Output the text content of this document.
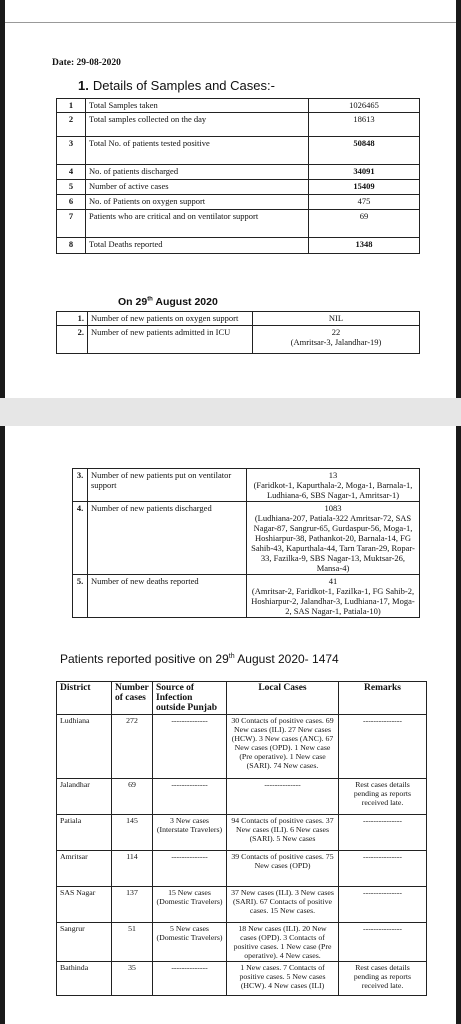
Date: 29-08-2020
1. Details of Samples and Cases:-
1	Total Samples taken	1026465
2	Total samples collected on the day	18613
3	Total No. of patients tested positive	50848
4	No. of patients discharged	34091
5	Number of active cases	15409
6	No. of Patients on oxygen support	475
7	Patients who are critical and on ventilator support	69
8	Total Deaths reported	1348
On 29th August 2020
1.	Number of new patients on oxygen support	NIL
2.	Number of new patients admitted in ICU	22
(Amritsar-3, Jalandhar-19)
3.	Number of new patients put on ventilator support	13
(Faridkot-1, Kapurthala-2, Moga-1, Barnala-1, Ludhiana-6, SBS Nagar-1, Amritsar-1)

4.	Number of new patients discharged	1083
(Ludhiana-207, Patiala-322 Amritsar-72, SAS Nagar-87, Sangrur-65, Gurdaspur-56, Moga-1, Hoshiarpur-38, Pathankot-20, Barnala-14, FG Sahib-43, Kapurthala-44, Tarn Taran-29, Ropar-33, Fazilka-9, SBS Nagar-13, Muktsar-26, Mansa-4)

5.	Number of new deaths reported	41
(Amritsar-2, Faridkot-1, Fazilka-1, FG Sahib-2, Hoshiarpur-2, Jalandhar-3, Ludhiana-17, Moga-2, SAS Nagar-1, Patiala-10)
Patients reported positive on 29th August 2020- 1474
District	Number of cases	Source of Infection outside Punjab	Local Cases	Remarks
Ludhiana	272	--------------	30 Contacts of positive cases. 69 New cases (ILI). 27 New cases (HCW). 3 New cases (ANC). 67 New cases (OPD). 1 New case (Pre operative). 1 New case (SARI). 74 New cases.	---------------
Jalandhar	69	--------------	--------------	Rest cases details pending as reports received late.
Patiala	145	3 New cases (Interstate Travelers)	94 Contacts of positive cases. 37 New cases (ILI). 6 New cases (SARI). 5 New cases	---------------
Amritsar	114	--------------	39 Contacts of positive cases. 75 New cases (OPD)	---------------
SAS Nagar	137	15 New cases (Domestic Travelers)	37 New cases (ILI). 3 New cases (SARI). 67 Contacts of positive cases. 15 New cases.	---------------
Sangrur	51	5 New cases (Domestic Travelers)	18 New cases (ILI). 20 New cases (OPD). 3 Contacts of positive cases. 1 New case (Pre operative). 4 New cases.	---------------
Bathinda	35	--------------	1 New cases. 7 Contacts of positive cases. 5 New cases (HCW). 4 New cases (ILI)	Rest cases details pending as reports received late.
